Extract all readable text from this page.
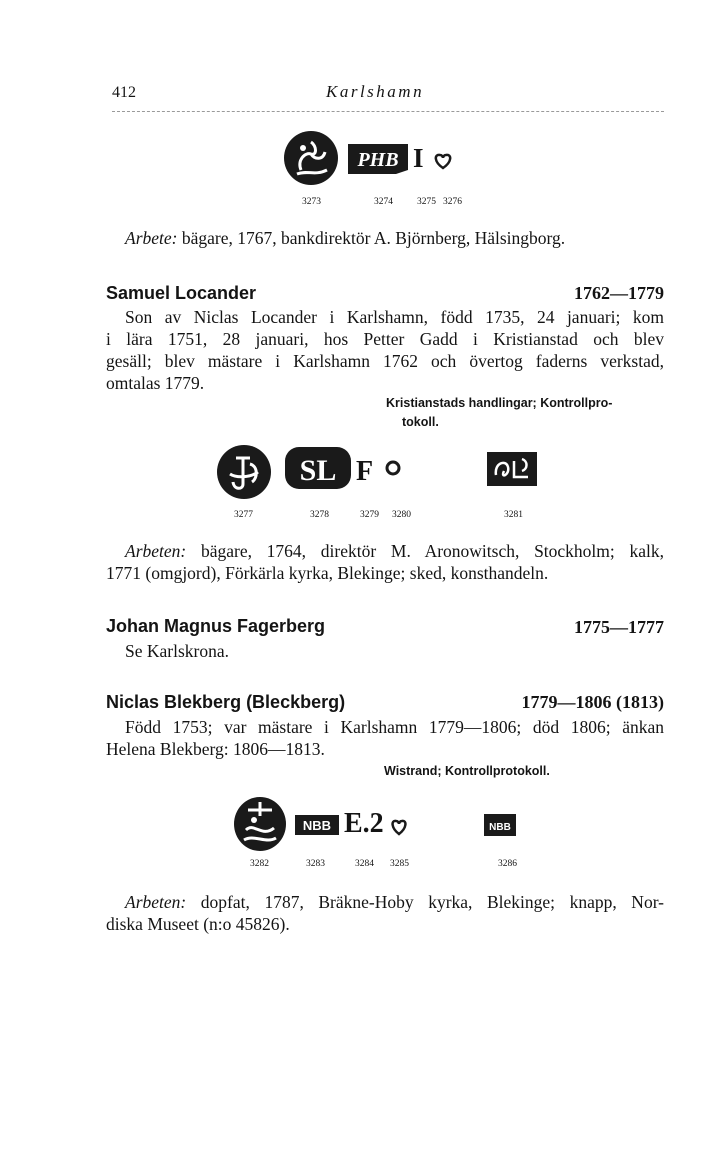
412	Karlshamn
PHB I
3273	3274	3275 3276
Arbete: bägare, 1767, bankdirektör A. Björnberg, Hälsingborg.
Samuel Locander	1762—1779
Son av Niclas Locander i Karlshamn, född 1735, 24 januari; kom
i lära 1751, 28 januari, hos Petter Gadd i Kristianstad och blev
gesäll; blev mästare i Karlshamn 1762 och övertog faderns verkstad,
omtalas 1779.
Kristianstads handlingar; Kontrollpro-
tokoll.
SL F
3277	3278	3279 3280	3281
Arbeten: bägare, 1764, direktör M. Aronowitsch, Stockholm; kalk,
1771 (omgjord), Förkärla kyrka, Blekinge; sked, konsthandeln.
Johan Magnus Fagerberg	1775—1777
Se Karlskrona.
Niclas Blekberg (Bleckberg)	1779—1806 (1813)
Född 1753; var mästare i Karlshamn 1779—1806; död 1806; änkan
Helena Blekberg: 1806—1813.
Wistrand; Kontrollprotokoll.
NBB E.2	NBB
3282	3283	3284 3285	3286
Arbeten: dopfat, 1787, Bräkne-Hoby kyrka, Blekinge; knapp, Nor-
diska Museet (n:o 45826).
